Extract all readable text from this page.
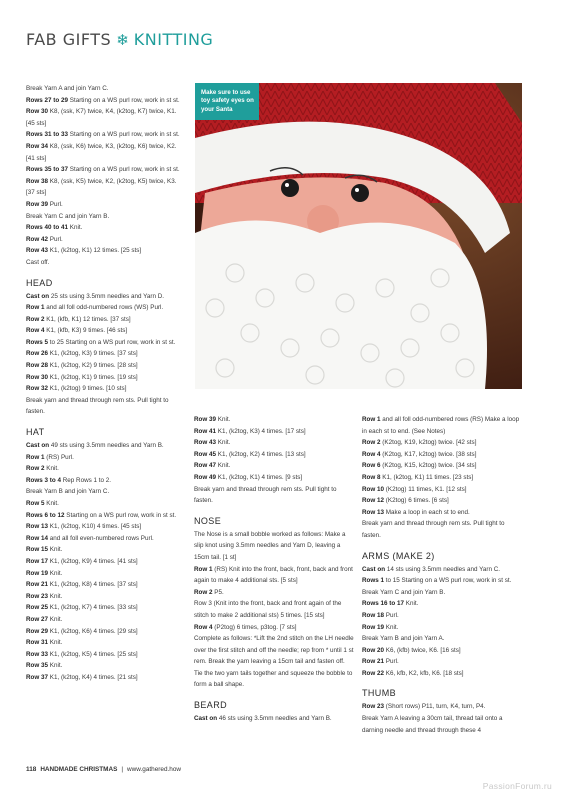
FAB GIFTS ❄ KNITTING
Break Yarn A and join Yarn C.
Rows 27 to 29 Starting on a WS purl row, work in st st.
Row 30 K8, (ssk, K7) twice, K4, (k2tog, K7) twice, K1. [45 sts]
Rows 31 to 33 Starting on a WS purl row, work in st st.
Row 34 K8, (ssk, K6) twice, K3, (k2tog, K6) twice, K2. [41 sts]
Rows 35 to 37 Starting on a WS purl row, work in st st.
Row 38 K8, (ssk, K5) twice, K2, (k2tog, K5) twice, K3. [37 sts]
Row 39 Purl.
Break Yarn C and join Yarn B.
Rows 40 to 41 Knit.
Row 42 Purl.
Row 43 K1, (k2tog, K1) 12 times. [25 sts]
Cast off.
HEAD
Cast on 25 sts using 3.5mm needles and Yarn D.
Row 1 and all foll odd-numbered rows (WS) Purl.
Row 2 K1, (kfb, K1) 12 times. [37 sts]
Row 4 K1, (kfb, K3) 9 times. [46 sts]
Rows 5 to 25 Starting on a WS purl row, work in st st.
Row 26 K1, (k2tog, K3) 9 times. [37 sts]
Row 28 K1, (k2tog, K2) 9 times. [28 sts]
Row 30 K1, (k2tog, K1) 9 times. [19 sts]
Row 32 K1, (k2tog) 9 times. [10 sts]
Break yarn and thread through rem sts. Pull tight to fasten.
HAT
Cast on 49 sts using 3.5mm needles and Yarn B.
Row 1 (RS) Purl.
Row 2 Knit.
Rows 3 to 4 Rep Rows 1 to 2.
Break Yarn B and join Yarn C.
Row 5 Knit.
Rows 6 to 12 Starting on a WS purl row, work in st st.
Row 13 K1, (k2tog, K10) 4 times. [45 sts]
Row 14 and all foll even-numbered rows Purl.
Row 15 Knit.
Row 17 K1, (k2tog, K9) 4 times. [41 sts]
Row 19 Knit.
Row 21 K1, (k2tog, K8) 4 times. [37 sts]
Row 23 Knit.
Row 25 K1, (k2tog, K7) 4 times. [33 sts]
Row 27 Knit.
Row 29 K1, (k2tog, K6) 4 times. [29 sts]
Row 31 Knit.
Row 33 K1, (k2tog, K5) 4 times. [25 sts]
Row 35 Knit.
Row 37 K1, (k2tog, K4) 4 times. [21 sts]
Make sure to use toy safety eyes on your Santa
Row 39 Knit.
Row 41 K1, (k2tog, K3) 4 times. [17 sts]
Row 43 Knit.
Row 45 K1, (k2tog, K2) 4 times. [13 sts]
Row 47 Knit.
Row 49 K1, (k2tog, K1) 4 times. [9 sts]
Break yarn and thread through rem sts. Pull tight to fasten.
NOSE
The Nose is a small bobble worked as follows: Make a slip knot using 3.5mm needles and Yarn D, leaving a 15cm tail. [1 st]
Row 1 (RS) Knit into the front, back, front, back and front again to make 4 additional sts. [5 sts]
Row 2 P5.
Row 3 (Knit into the front, back and front again of the stitch to make 2 additional sts) 5 times. [15 sts]
Row 4 (P2tog) 6 times, p3tog. [7 sts]
Complete as follows: *Lift the 2nd stitch on the LH needle over the first stitch and off the needle; rep from * until 1 st rem. Break the yarn leaving a 15cm tail and fasten off. Tie the two yarn tails together and squeeze the bobble to form a ball shape.
BEARD
Cast on 46 sts using 3.5mm needles and Yarn B.
Row 1 and all foll odd-numbered rows (RS) Make a loop in each st to end. (See Notes)
Row 2 (K2tog, K19, k2tog) twice. [42 sts]
Row 4 (K2tog, K17, k2tog) twice. [38 sts]
Row 6 (K2tog, K15, k2tog) twice. [34 sts]
Row 8 K1, (k2tog, K1) 11 times. [23 sts]
Row 10 (K2tog) 11 times, K1. [12 sts]
Row 12 (K2tog) 6 times. [6 sts]
Row 13 Make a loop in each st to end.
Break yarn and thread through rem sts. Pull tight to fasten.
ARMS (MAKE 2)
Cast on 14 sts using 3.5mm needles and Yarn C.
Rows 1 to 15 Starting on a WS purl row, work in st st.
Break Yarn C and join Yarn B.
Rows 16 to 17 Knit.
Row 18 Purl.
Row 19 Knit.
Break Yarn B and join Yarn A.
Row 20 K6, (kfb) twice, K6. [16 sts]
Row 21 Purl.
Row 22 K6, kfb, K2, kfb, K6. [18 sts]
THUMB
Row 23 (Short rows) P11, turn, K4, turn, P4.
Break Yarn A leaving a 30cm tail, thread tail onto a darning needle and thread through these 4
118 HANDMADE CHRISTMAS | www.gathered.how
PassionForum.ru
